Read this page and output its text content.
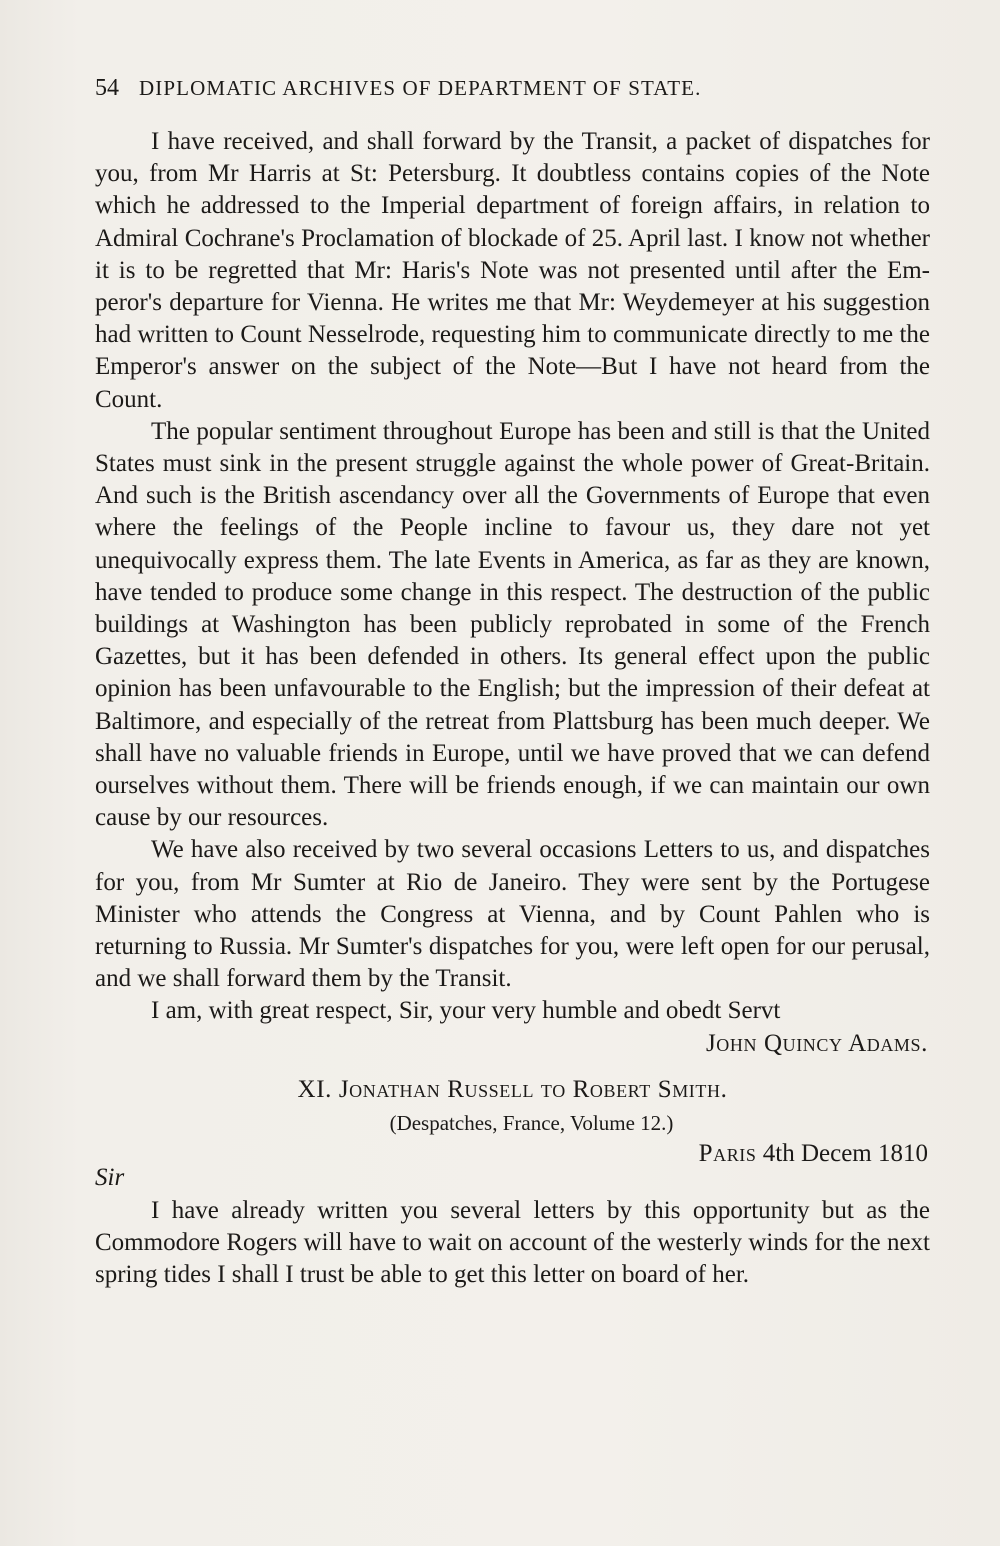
54 DIPLOMATIC ARCHIVES OF DEPARTMENT OF STATE.

I have received, and shall forward by the Transit, a packet of dispatches for you, from Mr Harris at St: Petersburg. It doubtless contains copies of the Note which he addressed to the Imperial department of foreign affairs, in relation to Admiral Cochrane's Proclamation of blockade of 25. April last. I know not whether it is to be regretted that Mr: Haris's Note was not presented until after the Emperor's departure for Vienna. He writes me that Mr: Weydemeyer at his suggestion had written to Count Nesselrode, requesting him to communicate directly to me the Emperor's answer on the subject of the Note—But I have not heard from the Count.

The popular sentiment throughout Europe has been and still is that the United States must sink in the present struggle against the whole power of Great-Britain. And such is the British ascendancy over all the Governments of Europe that even where the feelings of the People incline to favour us, they dare not yet unequivocally express them. The late Events in America, as far as they are known, have tended to produce some change in this respect. The destruction of the public buildings at Washington has been publicly reprobated in some of the French Gazettes, but it has been defended in others. Its general effect upon the public opinion has been unfavourable to the English; but the impression of their defeat at Baltimore, and especially of the retreat from Plattsburg has been much deeper. We shall have no valuable friends in Europe, until we have proved that we can defend ourselves without them. There will be friends enough, if we can maintain our own cause by our resources.

We have also received by two several occasions Letters to us, and dispatches for you, from Mr Sumter at Rio de Janeiro. They were sent by the Portugese Minister who attends the Congress at Vienna, and by Count Pahlen who is returning to Russia. Mr Sumter's dispatches for you, were left open for our perusal, and we shall forward them by the Transit.

I am, with great respect, Sir, your very humble and obedt Servt
John Quincy Adams.
XI. Jonathan Russell to Robert Smith.
(Despatches, France, Volume 12.)
Paris 4th Decem 1810
Sir

I have already written you several letters by this opportunity but as the Commodore Rogers will have to wait on account of the westerly winds for the next spring tides I shall I trust be able to get this letter on board of her.
